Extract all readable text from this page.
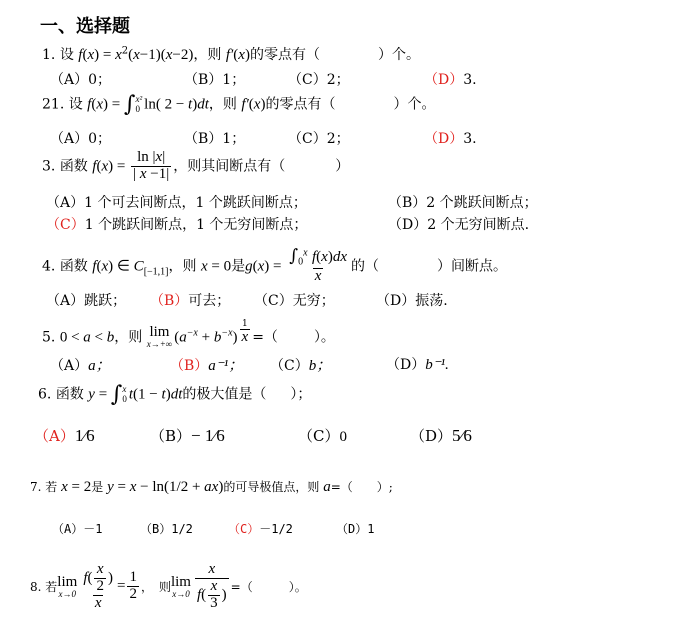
一、选择题
1. 设 $f(x) = x^2(x-1)(x-2)$，则 f′(x)的零点有（	）个。
（A）0；	（B）1；	（C）2；	（D）3.
21. 设 f(x) = ∫ x²
0 ln( 2 − t)dt，则 f′(x)的零点有（	）个。
（A）0；	（B）1；	（C）2；	（D）3.
3. 函数 $f(x) = \frac{\ln |x|}{| x -1|}$ ，则其间断点有（	）
（A）1 个可去间断点，1 个跳跃间断点；	（B）2 个跳跃间断点；
（C）1 个跳跃间断点，1 个无穷间断点；	（D）2 个无穷间断点.
4. 函数 f(x) ∈ $C_{[-1,1]}$，则 x = 0是$g(x) = \frac{\int_0^x f(x)dx}{x}$ 的（	）间断点。
（A）跳跃； （B）可去； （C）无穷；	（D）振荡.
5. 0 < a < b，则 lim
x→+∞ $(a^{-x} + b^{-x})$ $^{\frac{1}{x}}$ =（	）。
（A）a；	（B）a⁻¹； （C）b；	（D）b⁻¹.
6. 函数 y = ∫ x
0 t(1 − t)dt的极大值是（ ）；
（A）1⁄6	（B）− 1⁄6	（C）0	（D）5⁄6
7. 若 x = 2是 y = x − ln(1/2 + ax)的可导极值点，则 a=（　　）;
（A）－1	（B）1/2	（C）－1/2	（D）1
8.
若 lim
$x\to 0 \frac{f( \frac{x}{2} )}{x} = \frac{1}{2}$ ，　则 lim
$x\to 0 \frac{x}{f( \frac{x}{3} )}$ =（　　　）。
